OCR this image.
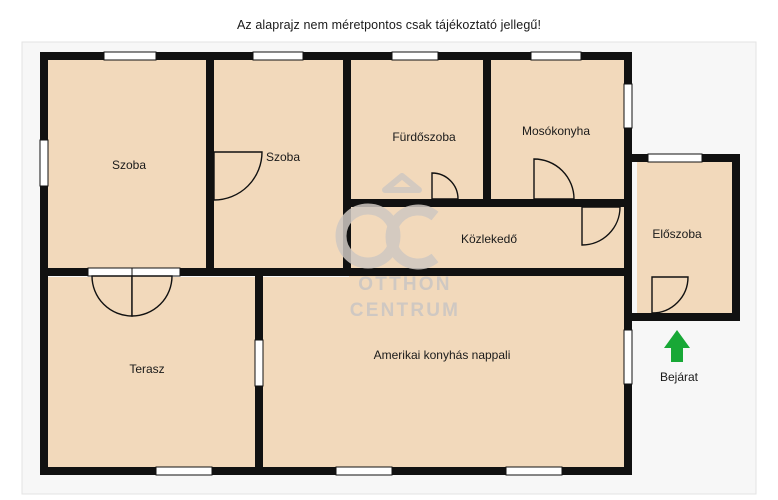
Az alaprajz nem méretpontos csak tájékoztató jellegű!
OTTHON
CENTRUM
Szoba
Szoba
Fürdőszoba	Mosókonyha
Közlekedő	Előszoba
Terasz
Amerikai konyhás nappali
Bejárat
